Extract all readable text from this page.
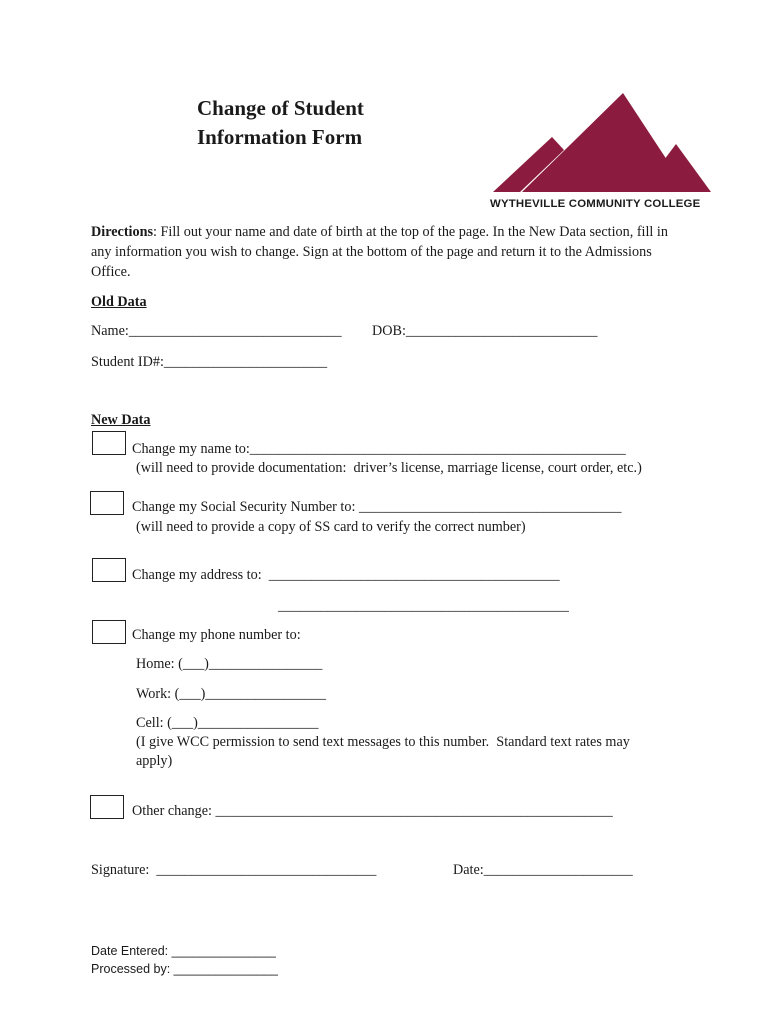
Change of Student
Information Form
WYTHEVILLE COMMUNITY COLLEGE
Directions: Fill out your name and date of birth at the top of the page. In the New Data section, fill in any information you wish to change. Sign at the bottom of the page and return it to the Admissions Office.
Old Data
Name:______________________________ DOB:___________________________
Student ID#:_______________________
New Data
Change my name to:_____________________________________________________
(will need to provide documentation:  driver’s license, marriage license, court order, etc.)
Change my Social Security Number to: _____________________________________
(will need to provide a copy of SS card to verify the correct number)
Change my address to:  _________________________________________
_________________________________________
Change my phone number to:
Home: (___)________________
Work: (___)_________________
Cell: (___)_________________
(I give WCC permission to send text messages to this number.  Standard text rates may
apply)
Other change: ________________________________________________________
Signature:  _______________________________	Date:_____________________
Date Entered: _______________
Processed by: _______________
